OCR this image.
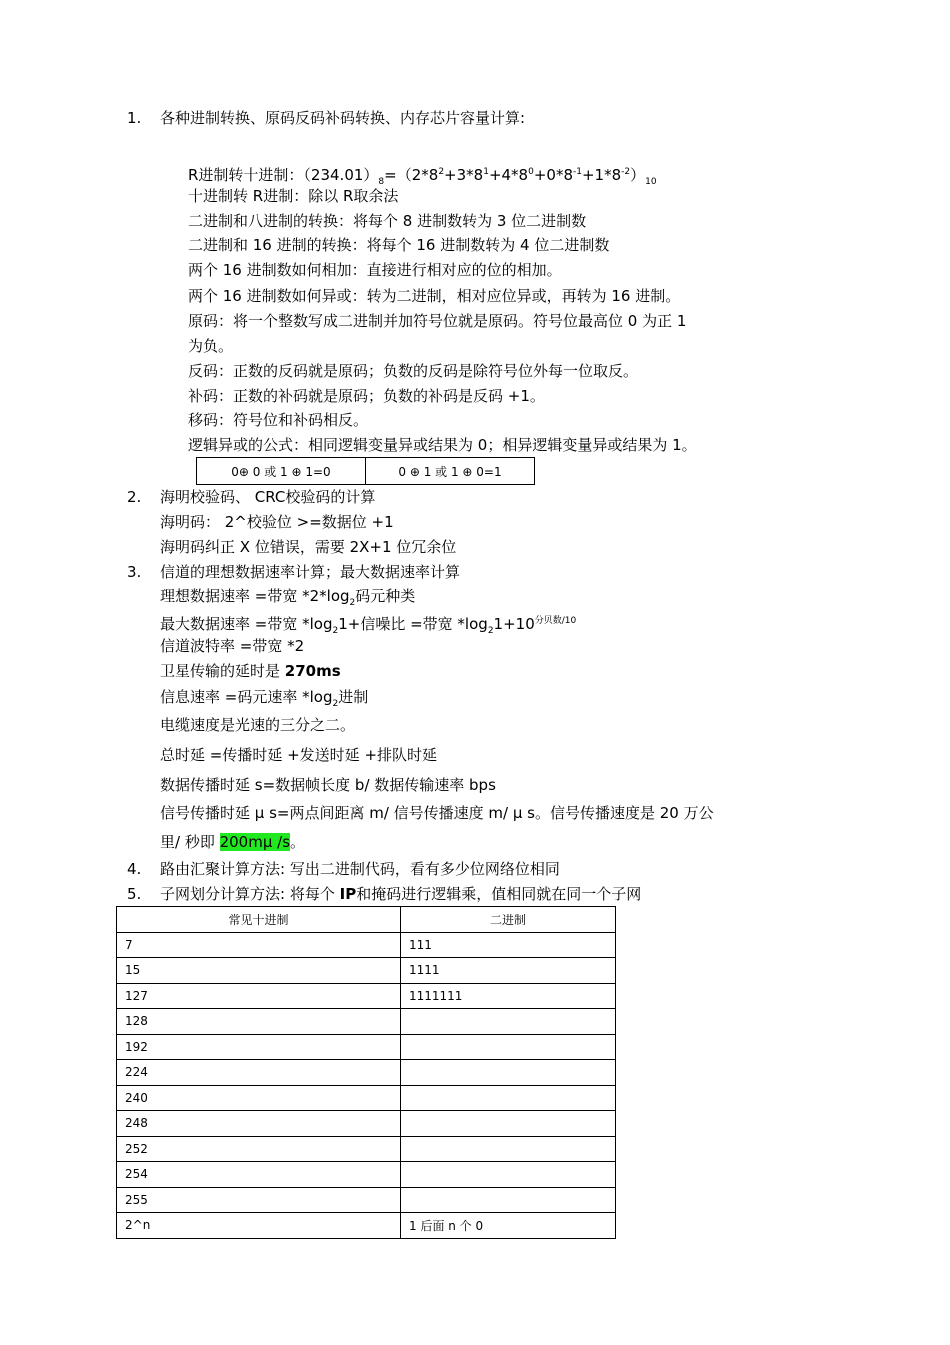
1. 各种进制转换、原码反码补码转换、内存芯片容量计算:
R进制转十进制：$(234.01)_8=(2*8^2+3*8^1+4*8^0+0*8^{-1}+1*8^{-2})_{10}$
十进制转 R进制：除以 R取余法
二进制和八进制的转换：将每个 8 进制数转为 3 位二进制数
二进制和 16 进制的转换：将每个 16 进制数转为 4 位二进制数
两个 16 进制数如何相加：直接进行相对应的位的相加。
两个 16 进制数如何异或：转为二进制，相对应位异或，再转为 16 进制。
原码：将一个整数写成二进制并加符号位就是原码。符号位最高位 0 为正 1
为负。
反码：正数的反码就是原码；负数的反码是除符号位外每一位取反。
补码：正数的补码就是原码；负数的补码是反码 +1。
移码：符号位和补码相反。
逻辑异或的公式：相同逻辑变量异或结果为 0；相异逻辑变量异或结果为 1。
0⊕ 0 或 1 ⊕ 1=0	0 ⊕ 1 或 1 ⊕ 0=1
2. 海明校验码、 CRC校验码的计算
海明码： 2^校验位 >=数据位 +1
海明码纠正 X 位错误，需要 2X+1 位冗余位
3. 信道的理想数据速率计算；最大数据速率计算
理想数据速率 =带宽 $*2*\log_2$码元种类
最大数据速率 =带宽 $*\log_21+$信噪比 =带宽 $*\log_21+10^{分贝数/10}$
信道波特率 =带宽 *2
卫星传输的延时是 270ms
信息速率 =码元速率 $*\log_2$进制
电缆速度是光速的三分之二。
总时延 =传播时延 +发送时延 +排队时延
数据传播时延 s=数据帧长度 b/ 数据传输速率 bps
信号传播时延 μ s=两点间距离 m/ 信号传播速度 m/ μ s。信号传播速度是 20 万公
里/ 秒即 200mμ /s。
4. 路由汇聚计算方法: 写出二进制代码，看有多少位网络位相同
5. 子网划分计算方法: 将每个 IP和掩码进行逻辑乘，值相同就在同一个子网
常见十进制	二进制
7	111
15	1111
127	1111111
128	
192	
224	
240	
248	
252	
254	
255	
2^n	1 后面 n 个 0
